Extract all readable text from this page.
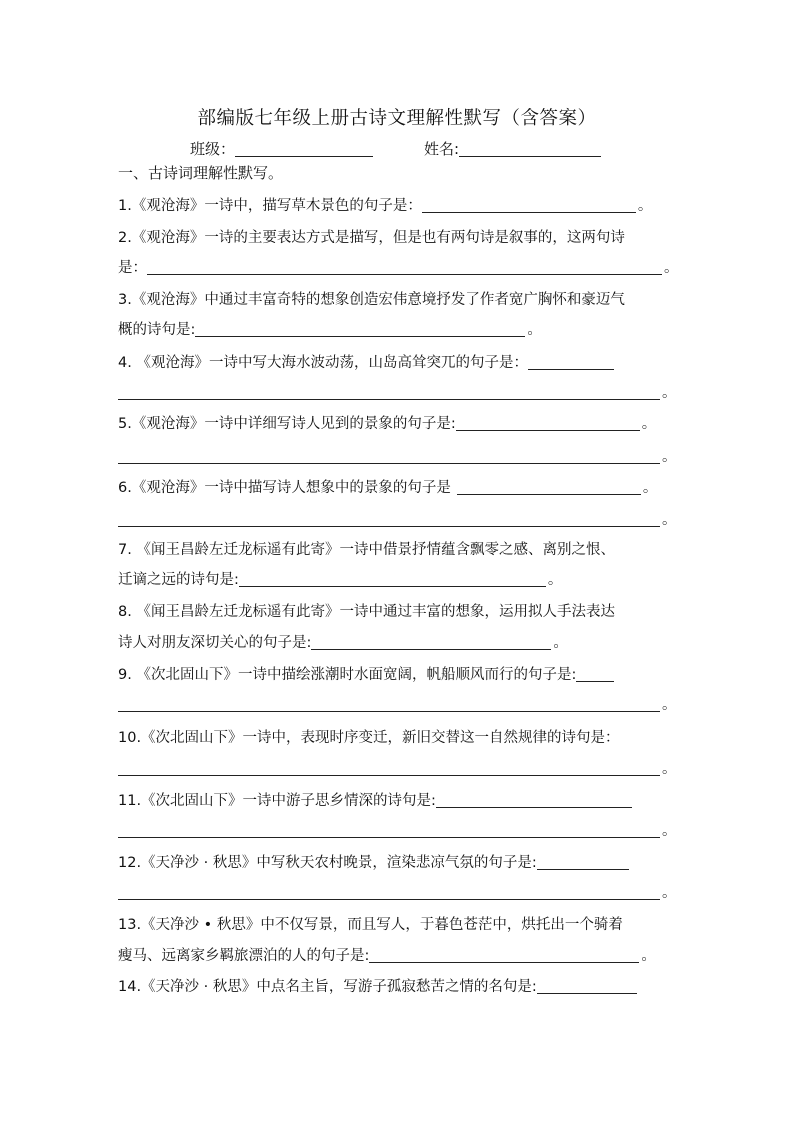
部编版七年级上册古诗文理解性默写（含答案）
班级：	姓名:
一、古诗词理解性默写。
1.《观沧海》一诗中，描写草木景色的句子是：	。
2.《观沧海》一诗的主要表达方式是描写，但是也有两句诗是叙事的，这两句诗
是：	。
3.《观沧海》中通过丰富奇特的想象创造宏伟意境抒发了作者宽广胸怀和豪迈气
概的诗句是:	。
4. 《观沧海》一诗中写大海水波动荡，山岛高耸突兀的句子是：
。
5.《观沧海》一诗中详细写诗人见到的景象的句子是:	。
。
6.《观沧海》一诗中描写诗人想象中的景象的句子是	。
。
7. 《闻王昌龄左迁龙标遥有此寄》一诗中借景抒情蕴含飘零之感、离别之恨、
迁谪之远的诗句是:	。
8. 《闻王昌龄左迁龙标遥有此寄》一诗中通过丰富的想象，运用拟人手法表达
诗人对朋友深切关心的句子是:	。
9. 《次北固山下》一诗中描绘涨潮时水面宽阔，帆船顺风而行的句子是:
。
10.《次北固山下》一诗中，表现时序变迁，新旧交替这一自然规律的诗句是：
。
11.《次北固山下》一诗中游子思乡情深的诗句是:
。
12.《天净沙 · 秋思》中写秋天农村晚景，渲染悲凉气氛的句子是:
。
13.《天净沙 • 秋思》中不仅写景，而且写人，于暮色苍茫中，烘托出一个骑着
瘦马、远离家乡羁旅漂泊的人的句子是:	。
14.《天净沙 · 秋思》中点名主旨，写游子孤寂愁苦之情的名句是:
